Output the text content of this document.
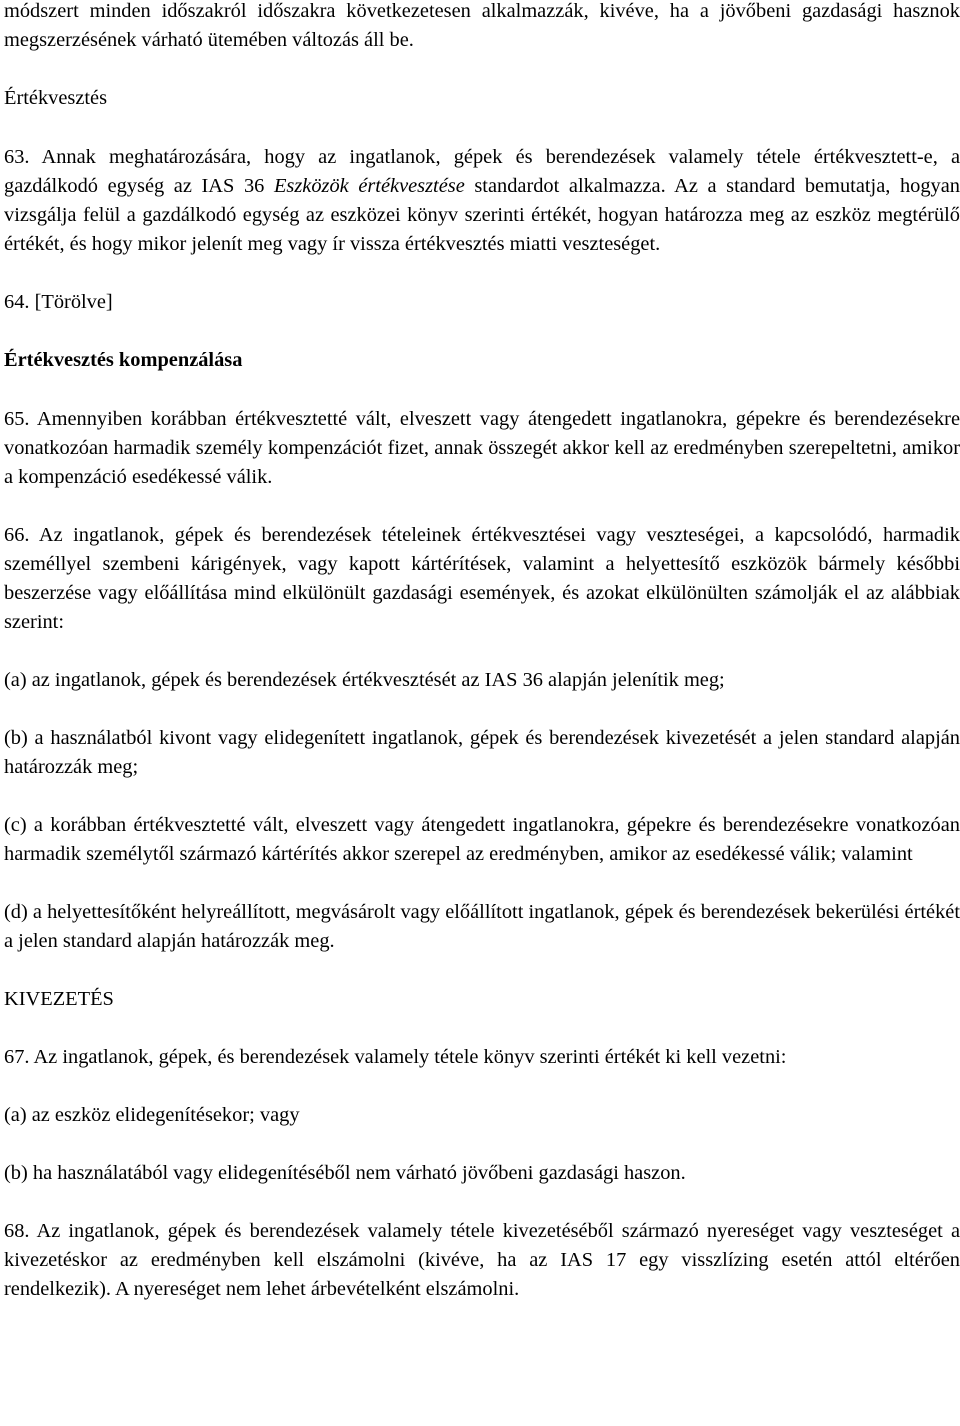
módszert minden időszakról időszakra következetesen alkalmazzák, kivéve, ha a jövőbeni gazdasági hasznok megszerzésének várható ütemében változás áll be.

Értékvesztés

63. Annak meghatározására, hogy az ingatlanok, gépek és berendezések valamely tétele értékvesztett-e, a gazdálkodó egység az IAS 36 Eszközök értékvesztése standardot alkalmazza. Az a standard bemutatja, hogyan vizsgálja felül a gazdálkodó egység az eszközei könyv szerinti értékét, hogyan határozza meg az eszköz megtérülő értékét, és hogy mikor jelenít meg vagy ír vissza értékvesztés miatti veszteséget.

64. [Törölve]

Értékvesztés kompenzálása

65. Amennyiben korábban értékvesztetté vált, elveszett vagy átengedett ingatlanokra, gépekre és berendezésekre vonatkozóan harmadik személy kompenzációt fizet, annak összegét akkor kell az eredményben szerepeltetni, amikor a kompenzáció esedékessé válik.

66. Az ingatlanok, gépek és berendezések tételeinek értékvesztései vagy veszteségei, a kapcsolódó, harmadik személlyel szembeni kárigények, vagy kapott kártérítések, valamint a helyettesítő eszközök bármely későbbi beszerzése vagy előállítása mind elkülönült gazdasági események, és azokat elkülönülten számolják el az alábbiak szerint:

(a) az ingatlanok, gépek és berendezések értékvesztését az IAS 36 alapján jelenítik meg;

(b) a használatból kivont vagy elidegenített ingatlanok, gépek és berendezések kivezetését a jelen standard alapján határozzák meg;

(c) a korábban értékvesztetté vált, elveszett vagy átengedett ingatlanokra, gépekre és berendezésekre vonatkozóan harmadik személytől származó kártérítés akkor szerepel az eredményben, amikor az esedékessé válik; valamint

(d) a helyettesítőként helyreállított, megvásárolt vagy előállított ingatlanok, gépek és berendezések bekerülési értékét a jelen standard alapján határozzák meg.

KIVEZETÉS

67. Az ingatlanok, gépek, és berendezések valamely tétele könyv szerinti értékét ki kell vezetni:

(a) az eszköz elidegenítésekor; vagy

(b) ha használatából vagy elidegenítéséből nem várható jövőbeni gazdasági haszon.

68. Az ingatlanok, gépek és berendezések valamely tétele kivezetéséből származó nyereséget vagy veszteséget a kivezetéskor az eredményben kell elszámolni (kivéve, ha az IAS 17 egy visszlízing esetén attól eltérően rendelkezik). A nyereséget nem lehet árbevételként elszámolni.
